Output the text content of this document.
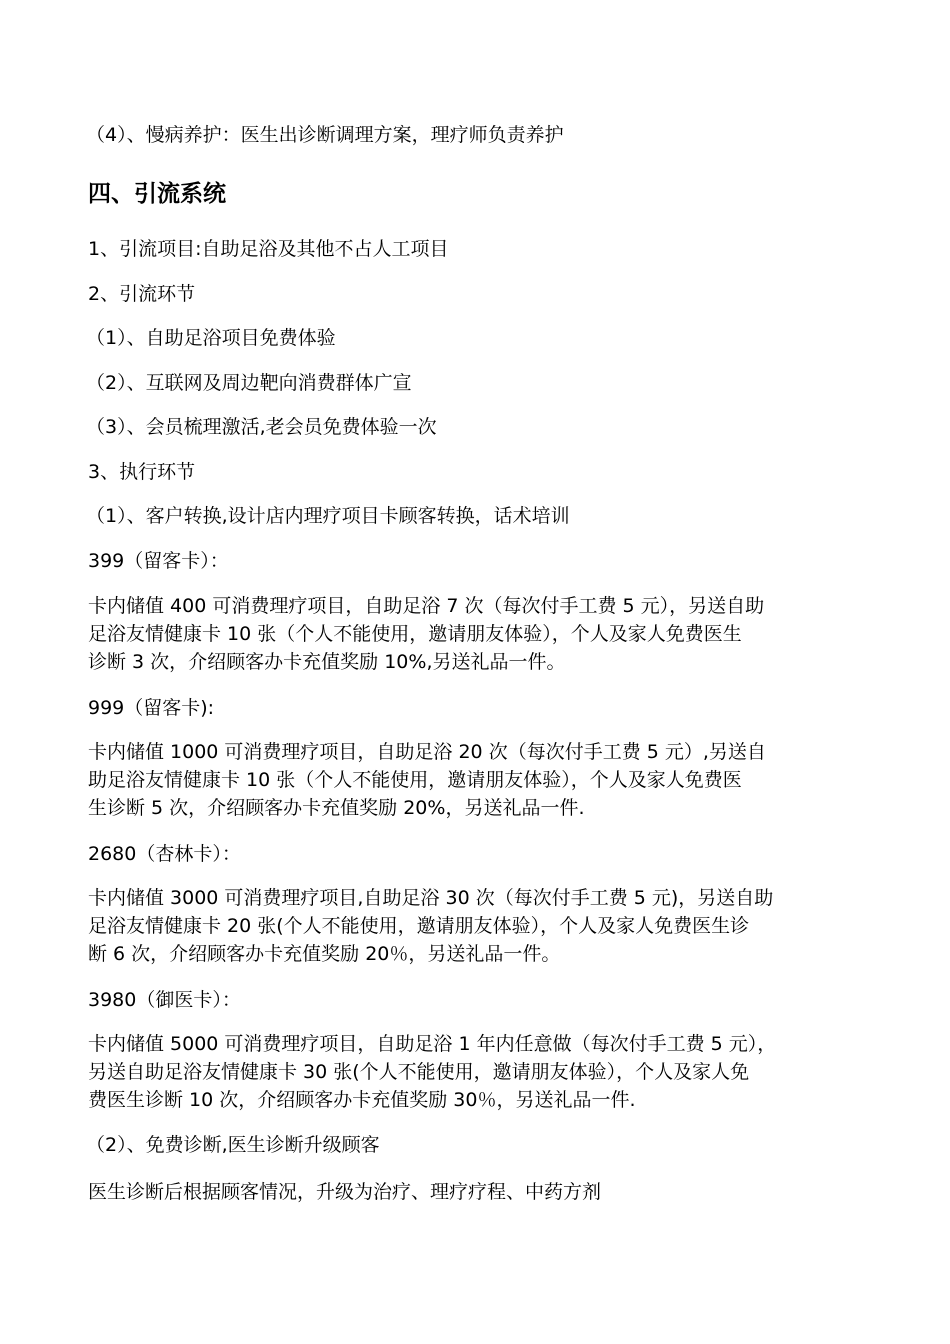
（4）、慢病养护：医生出诊断调理方案，理疗师负责养护
四、引流系统
1、引流项目:自助足浴及其他不占人工项目
2、引流环节
（1）、自助足浴项目免费体验
（2）、互联网及周边靶向消费群体广宣
（3）、会员梳理激活,老会员免费体验一次
3、执行环节
（1）、客户转换,设计店内理疗项目卡顾客转换，话术培训
399（留客卡）：
卡内储值 400 可消费理疗项目，自助足浴 7 次（每次付手工费 5 元），另送自助
足浴友情健康卡 10 张（个人不能使用，邀请朋友体验），个人及家人免费医生
诊断 3 次，介绍顾客办卡充值奖励 10%,另送礼品一件。
999（留客卡):
卡内储值 1000 可消费理疗项目，自助足浴 20 次（每次付手工费 5 元）,另送自
助足浴友情健康卡 10 张（个人不能使用，邀请朋友体验），个人及家人免费医
生诊断 5 次，介绍顾客办卡充值奖励 20%，另送礼品一件.
2680（杏林卡）：
卡内储值 3000 可消费理疗项目,自助足浴 30 次（每次付手工费 5 元)，另送自助
足浴友情健康卡 20 张(个人不能使用，邀请朋友体验），个人及家人免费医生诊
断 6 次，介绍顾客办卡充值奖励 20％，另送礼品一件。
3980（御医卡）：
卡内储值 5000 可消费理疗项目，自助足浴 1 年内任意做（每次付手工费 5 元），
另送自助足浴友情健康卡 30 张(个人不能使用，邀请朋友体验），个人及家人免
费医生诊断 10 次，介绍顾客办卡充值奖励 30％，另送礼品一件.
（2）、免费诊断,医生诊断升级顾客
医生诊断后根据顾客情况，升级为治疗、理疗疗程、中药方剂
